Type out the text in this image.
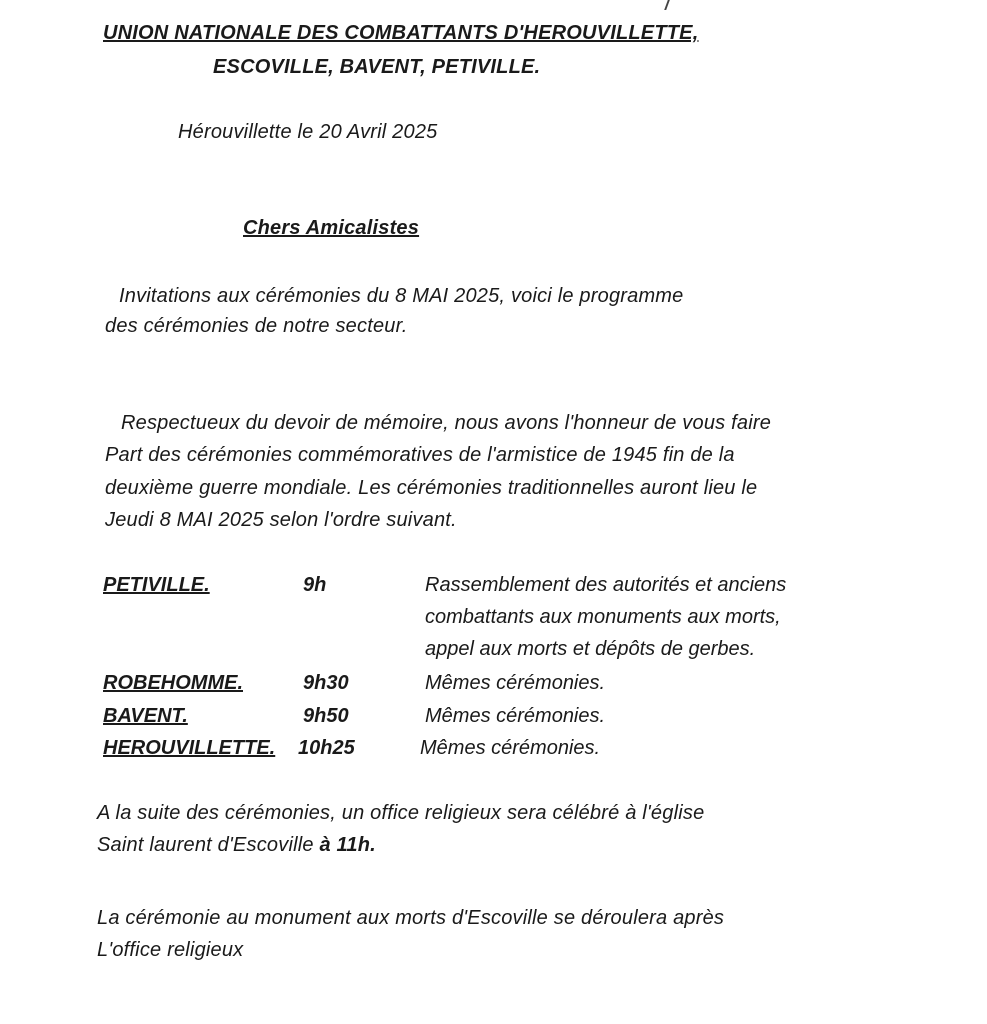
UNION NATIONALE DES COMBATTANTS D'HEROUVILLETTE,
ESCOVILLE, BAVENT, PETIVILLE.
Hérouvillette le 20 Avril 2025
Chers Amicalistes
Invitations aux cérémonies du 8 MAI 2025, voici le programme
des cérémonies de notre secteur.
Respectueux du devoir de mémoire, nous avons l'honneur de vous faire
Part des cérémonies commémoratives de l'armistice de 1945 fin de la
deuxième guerre mondiale. Les cérémonies traditionnelles auront lieu le
Jeudi 8 MAI 2025 selon l'ordre suivant.
PETIVILLE.	9h	Rassemblement des autorités et anciens
combattants aux monuments aux morts,
appel aux morts et dépôts de gerbes.
ROBEHOMME.	9h30	Mêmes cérémonies.
BAVENT.	9h50	Mêmes cérémonies.
HEROUVILLETTE. 10h25	Mêmes cérémonies.
A la suite des cérémonies, un office religieux sera célébré à l'église
Saint laurent d'Escoville à 11h.
La cérémonie au monument aux morts d'Escoville se déroulera après
L'office religieux
